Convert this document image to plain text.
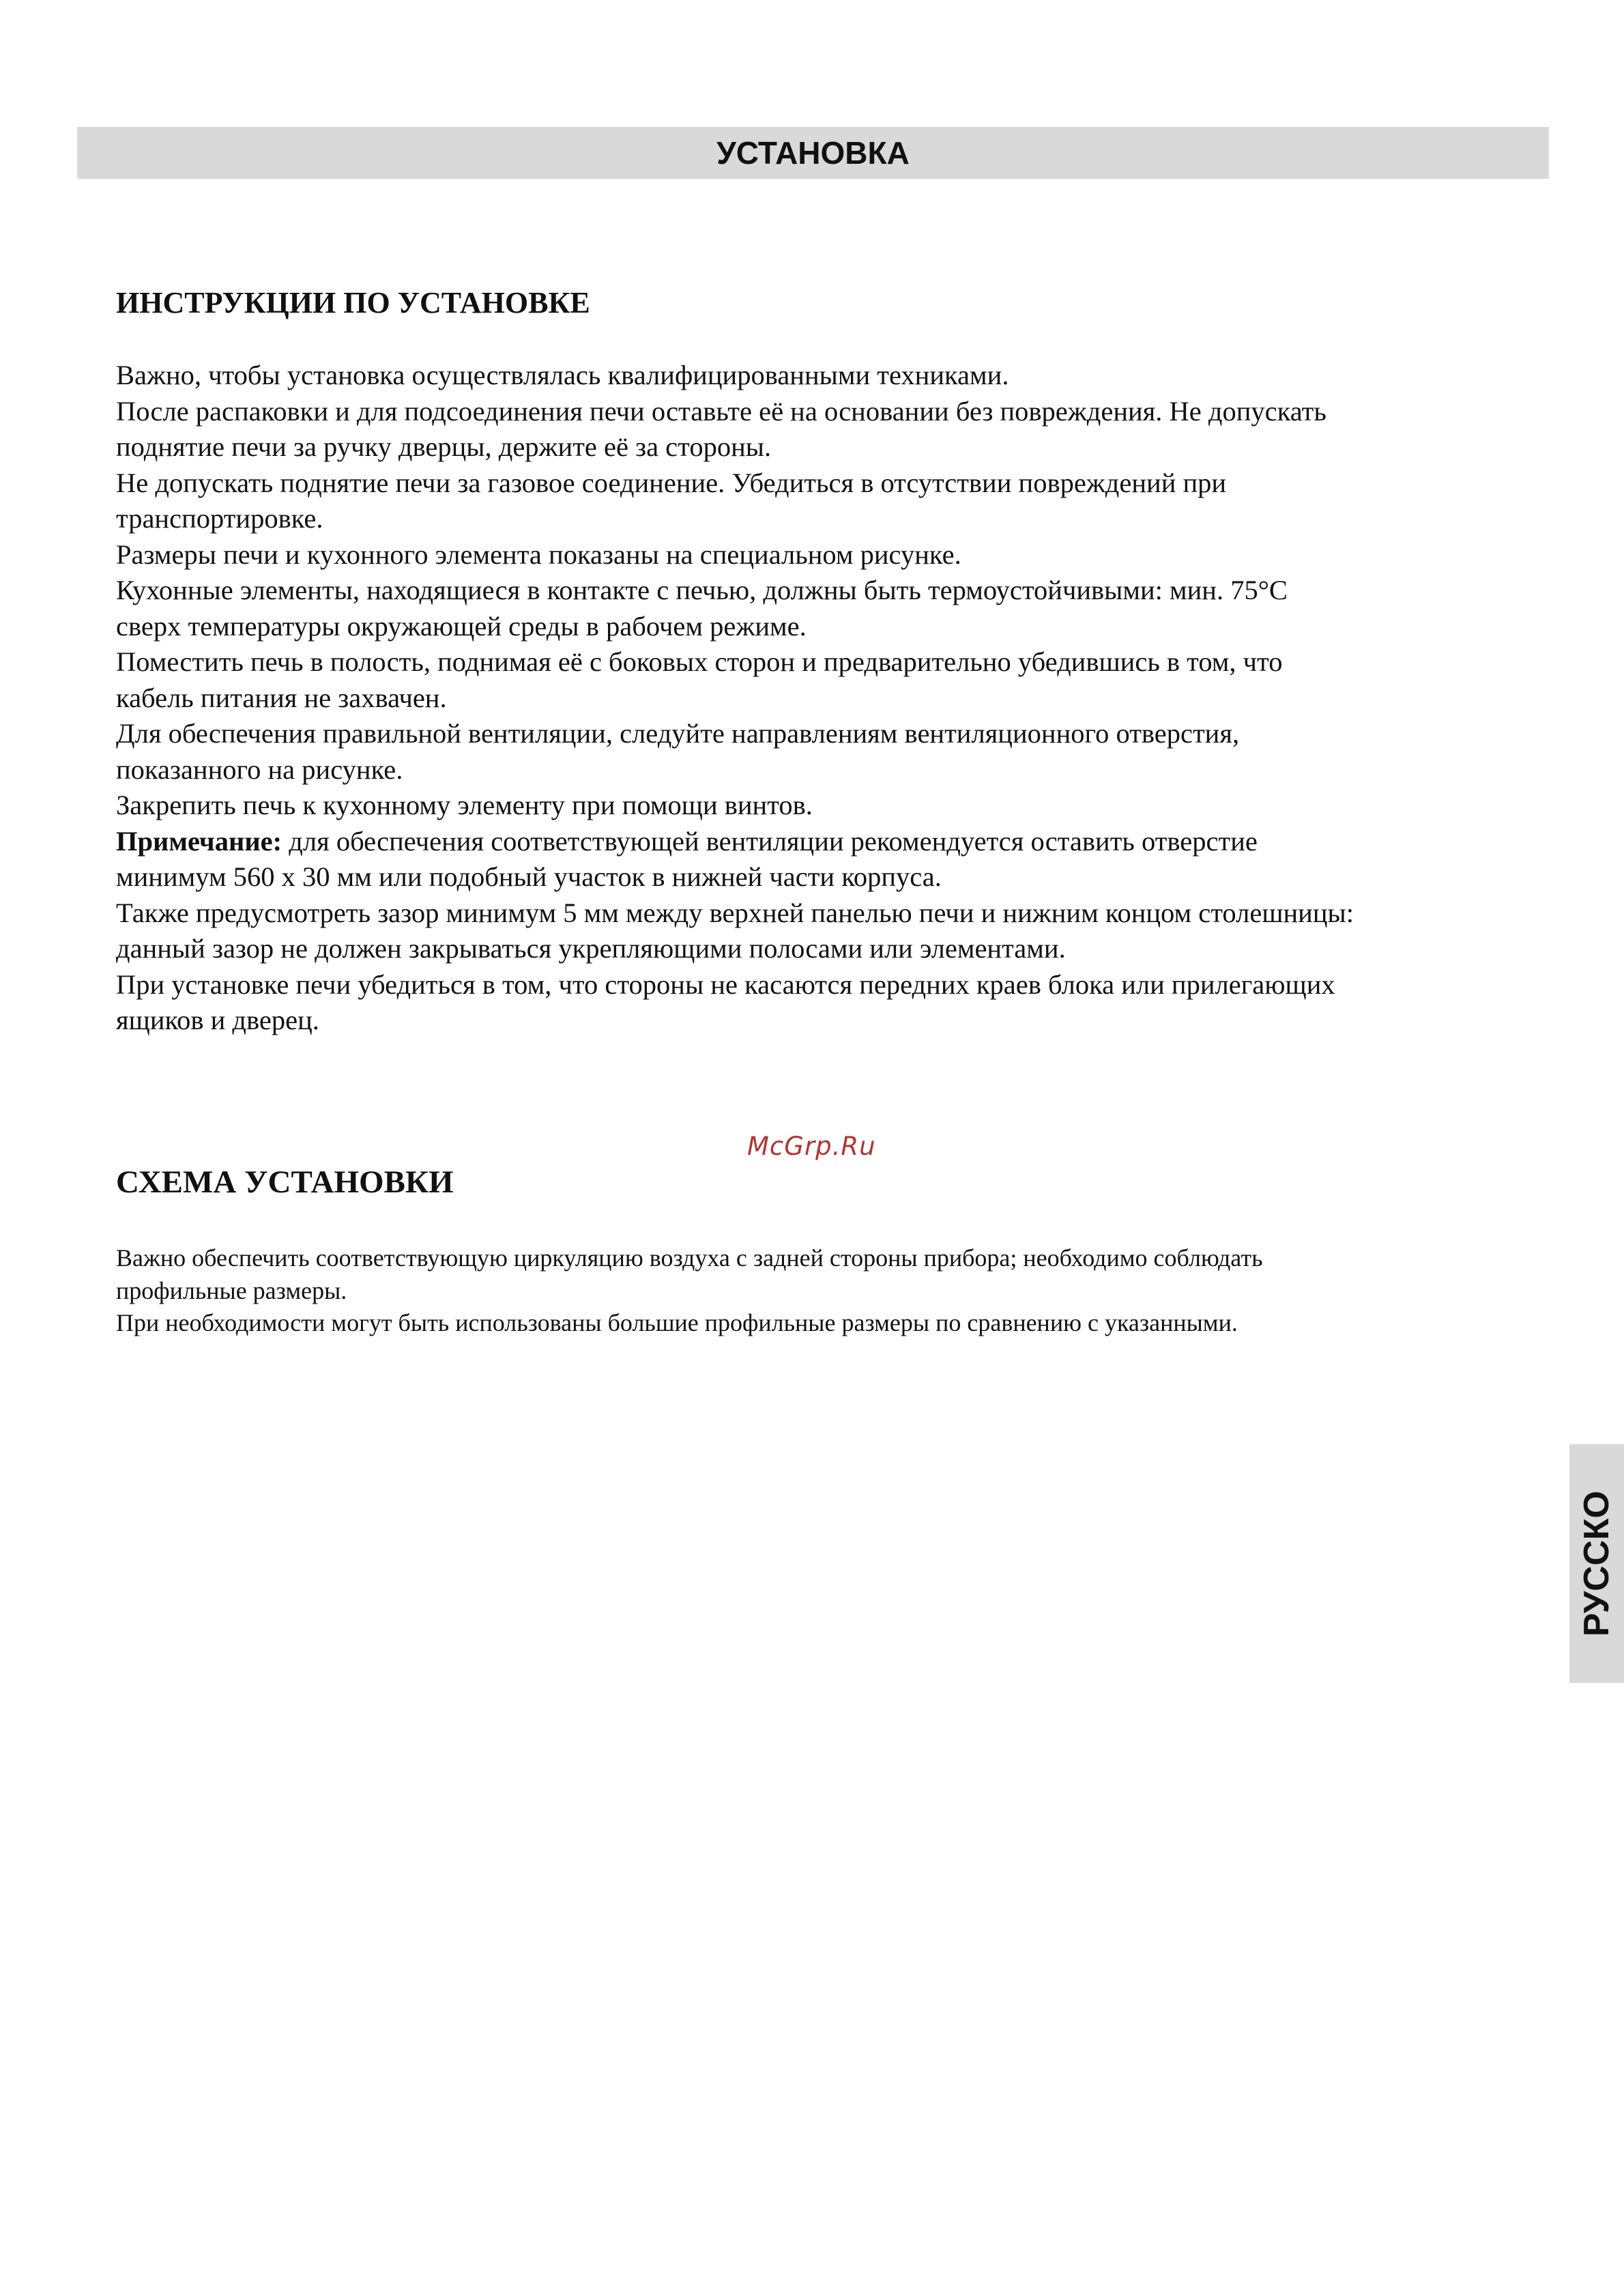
УСТАНОВКА
ИНСТРУКЦИИ ПО УСТАНОВКЕ

Важно, чтобы установка осуществлялась квалифицированными техниками.

После распаковки и для подсоединения печи оставьте её на основании без повреждения. Не допускать

поднятие печи за ручку дверцы, держите её за стороны.

Не допускать поднятие печи за газовое соединение. Убедиться в отсутствии повреждений при

транспортировке.

Размеры печи и кухонного элемента показаны на специальном рисунке.

Кухонные элементы, находящиеся в контакте с печью, должны быть термоустойчивыми: мин. 75°C

сверх температуры окружающей среды в рабочем режиме.

Поместить печь в полость, поднимая её с боковых сторон и предварительно убедившись в том, что

кабель питания не захвачен.

Для обеспечения правильной вентиляции, следуйте направлениям вентиляционного отверстия,

показанного на рисунке.

Закрепить печь к кухонному элементу при помощи винтов.

Примечание: для обеспечения соответствующей вентиляции рекомендуется оставить отверстие

минимум 560 x 30 мм или подобный участок в нижней части корпуса.

Также предусмотреть зазор минимум 5 мм между верхней панелью печи и нижним концом столешницы:

данный зазор не должен закрываться укрепляющими полосами или элементами.

При установке печи убедиться в том, что стороны не касаются передних краев блока или прилегающих

ящиков и дверец.

McGrp.Ru
СХЕМА УСТАНОВКИ

Важно обеспечить соответствующую циркуляцию воздуха с задней стороны прибора; необходимо соблюдать

профильные размеры.

При необходимости могут быть использованы большие профильные размеры по сравнению с указанными.

РУССКО
